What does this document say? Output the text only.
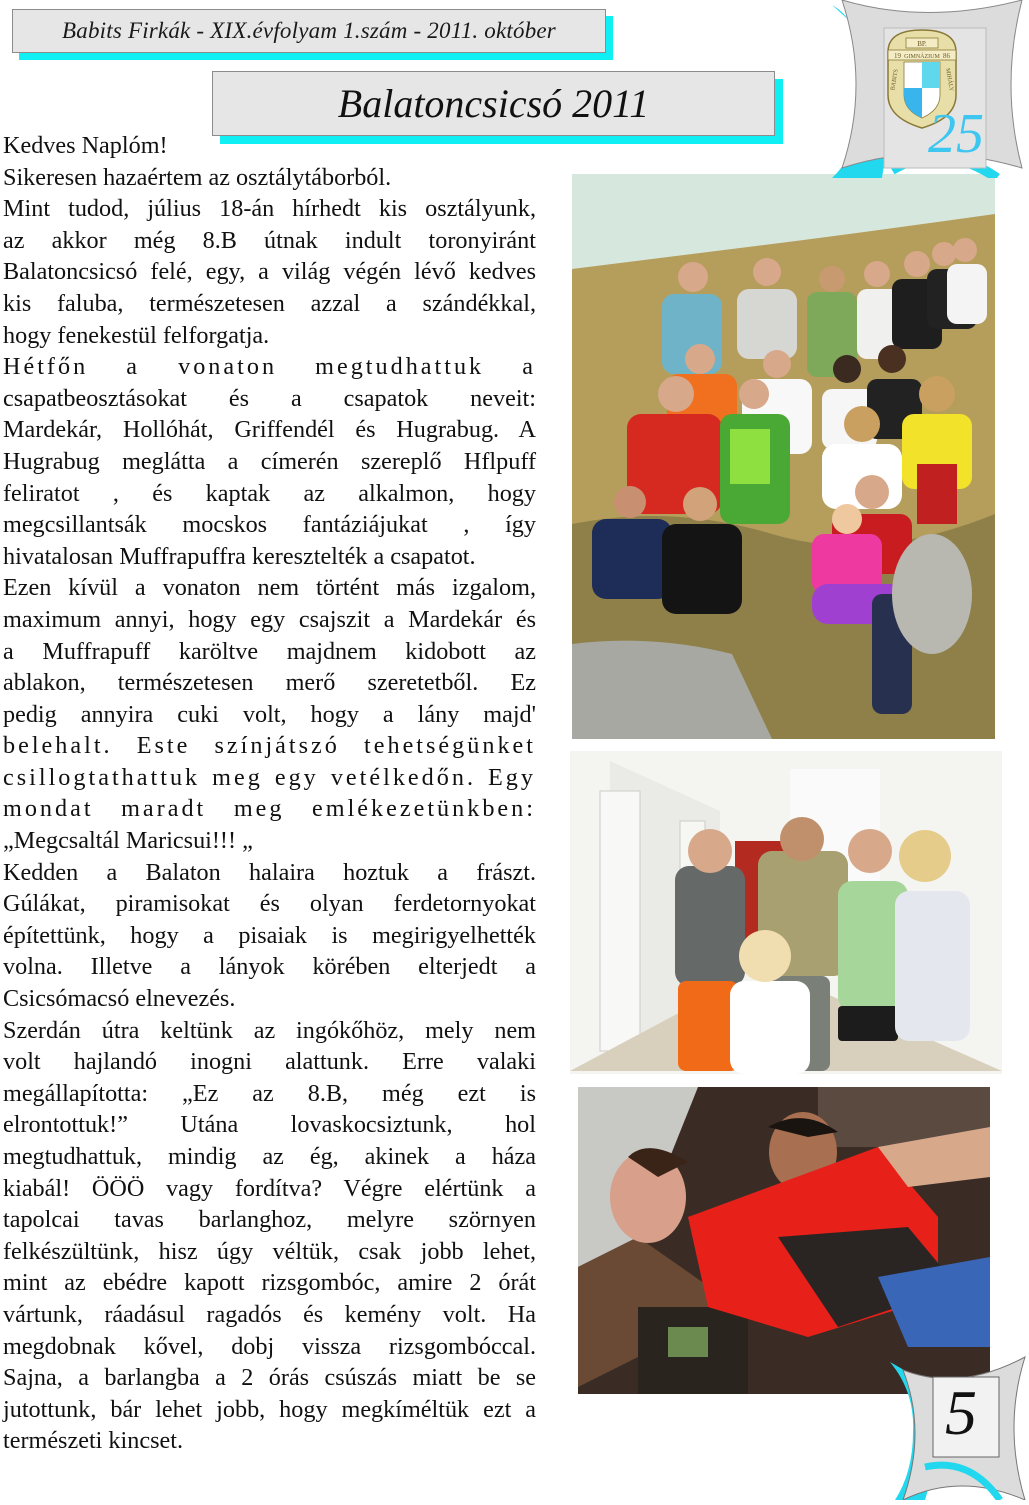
Babits Firkák - XIX.évfolyam 1.szám - 2011. október
Balatoncsicsó 2011
Kedves Naplóm!
Sikeresen hazaértem az osztálytáborból.
Mint tudod, július 18-án hírhedt kis osztályunk,
az akkor még 8.B útnak indult toronyiránt
Balatoncsicsó felé, egy, a világ végén lévő kedves
kis faluba, természetesen azzal a szándékkal,
hogy fenekestül felforgatja.
Hétfőn a vonaton megtudhattuk a
csapatbeosztásokat és a csapatok neveit:
Mardekár, Hollóhát, Griffendél és Hugrabug. A
Hugrabug meglátta a címerén szereplő Hflpuff
feliratot , és kaptak az alkalmon, hogy
megcsillantsák mocskos fantáziájukat , így
hivatalosan Muffrapuffra keresztelték a csapatot.
Ezen kívül a vonaton nem történt más izgalom,
maximum annyi, hogy egy csajszit a Mardekár és
a Muffrapuff karöltve majdnem kidobott az
ablakon, természetesen merő szeretetből. Ez
pedig annyira cuki volt, hogy a lány majd'
belehalt. Este színjátszó tehetségünket
csillogtathattuk meg egy vetélkedőn. Egy
mondat maradt meg emlékezetünkben:
„Megcsaltál Maricsui!!! „
Kedden a Balaton halaira hoztuk a frászt.
Gúlákat, piramisokat és olyan ferdetornyokat
építettünk, hogy a pisaiak is megirigyelhették
volna. Illetve a lányok körében elterjedt a
Csicsómacsó elnevezés.
Szerdán útra keltünk az ingókőhöz, mely nem
volt hajlandó inogni alattunk. Erre valaki
megállapította: „Ez az 8.B, még ezt is
elrontottuk!” Utána lovaskocsiztunk, hol
megtudhattuk, mindig az ég, akinek a háza
kiabál! ÖÖÖ vagy fordítva? Végre elértünk a
tapolcai tavas barlanghoz, melyre szörnyen
felkészültünk, hisz úgy véltük, csak jobb lehet,
mint az ebédre kapott rizsgombóc, amire 2 órát
vártunk, ráadásul ragadós és kemény volt. Ha
megdobnak kővel, dobj vissza rizsgombóccal.
Sajna, a barlangba a 2 órás csúszás miatt be se
jutottunk, bár lehet jobb, hogy megkíméltük ezt a
természeti kincset.
BP.
19 GIMNÁZIUM 86
BABITS	MIHÁLY
25
5
